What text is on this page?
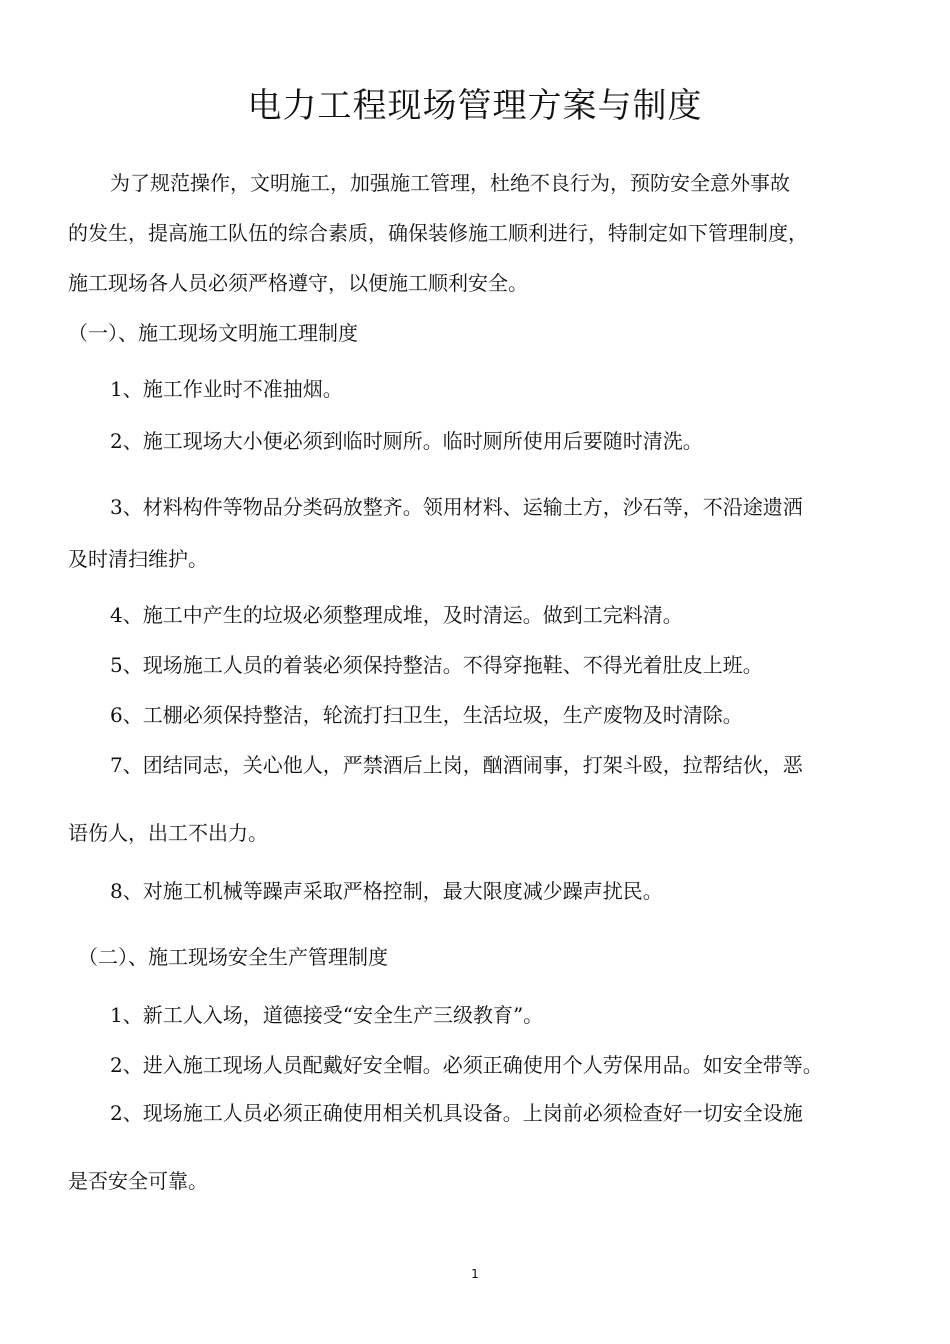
电力工程现场管理方案与制度
为了规范操作，文明施工，加强施工管理，杜绝不良行为，预防安全意外事故
的发生，提高施工队伍的综合素质，确保装修施工顺利进行，特制定如下管理制度，
施工现场各人员必须严格遵守，以便施工顺利安全。
（一）、施工现场文明施工理制度
1、施工作业时不准抽烟。
2、施工现场大小便必须到临时厕所。临时厕所使用后要随时清洗。
3、材料构件等物品分类码放整齐。领用材料、运输土方，沙石等，不沿途遗洒
及时清扫维护。
4、施工中产生的垃圾必须整理成堆，及时清运。做到工完料清。
5、现场施工人员的着装必须保持整洁。不得穿拖鞋、不得光着肚皮上班。
6、工棚必须保持整洁，轮流打扫卫生，生活垃圾，生产废物及时清除。
7、团结同志，关心他人，严禁酒后上岗，酗酒闹事，打架斗殴，拉帮结伙，恶
语伤人，出工不出力。
8、对施工机械等躁声采取严格控制，最大限度减少躁声扰民。
（二）、施工现场安全生产管理制度
1、新工人入场，道德接受“安全生产三级教育”。
2、进入施工现场人员配戴好安全帽。必须正确使用个人劳保用品。如安全带等。
2、现场施工人员必须正确使用相关机具设备。上岗前必须检查好一切安全设施
是否安全可靠。
1
